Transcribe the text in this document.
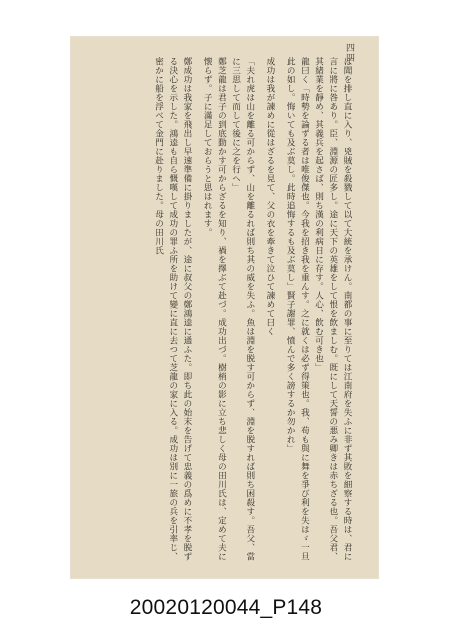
四四

ば聞を排し直に入り、兇賊を殺戮して以て大統を承けん。南都の事に至りては江南府を失ふに非ず其敗を細察する時は、君に言に將に咎あり。臣、淵源の匠多し。途に天下の英雄をして恨を飲ましむ。既にして天誓の悪み卿きは赤ちざる也。吾父君、其緒業を靜め、其義兵を起さば、則ち漢の利病日に存す。人心、飲む可き也」

龍曰く「時勢を論ずる者は唯俊傑也。今我を招き我を重んす。之に就くは必ず得策也。我、苟も與に舞を爭び利を失はゞ一旦此の如し。悔いても及ぶ莫し。此時追悔するも及ぶ莫し」賢子謝罪、憤んで多く謗するか勿かれ」

成功は我が諫めに從はざるを見て、父の衣を牽きて泣ひて諫めて曰く

「夫れ虎は山を離る可からず、山を離るれば則ち其の威を失ふ。魚は淵を脱す可からず、淵を脱すれば則ち困殺す。吾父、當に三思して而して後に之を行へ」

鄭芝龍は君子の到底動かす可からざるを知り、禍を擇ぶて赴づ。成功出づ。樹梢の影に立ち悲しく母の田川氏は、定めて夫に懐らず。子に滿足しておらうと思はれます。

鄭成功は我家を飛出し早速準備に掛りましたが、途に叔父の鄭鴻逵に通ふた。即ち此の始末を告げて忠義の爲めに不孝を脱ずる決心を示した。鴻逵も自ら慨嘆して成功の罪ふ所を助けて變に直に去つて芝龍の家に入る。成功は別に一旅の兵を引率じ、密かに船を浮べて金門に赴りました。母の田川氏

20020120044_P148
